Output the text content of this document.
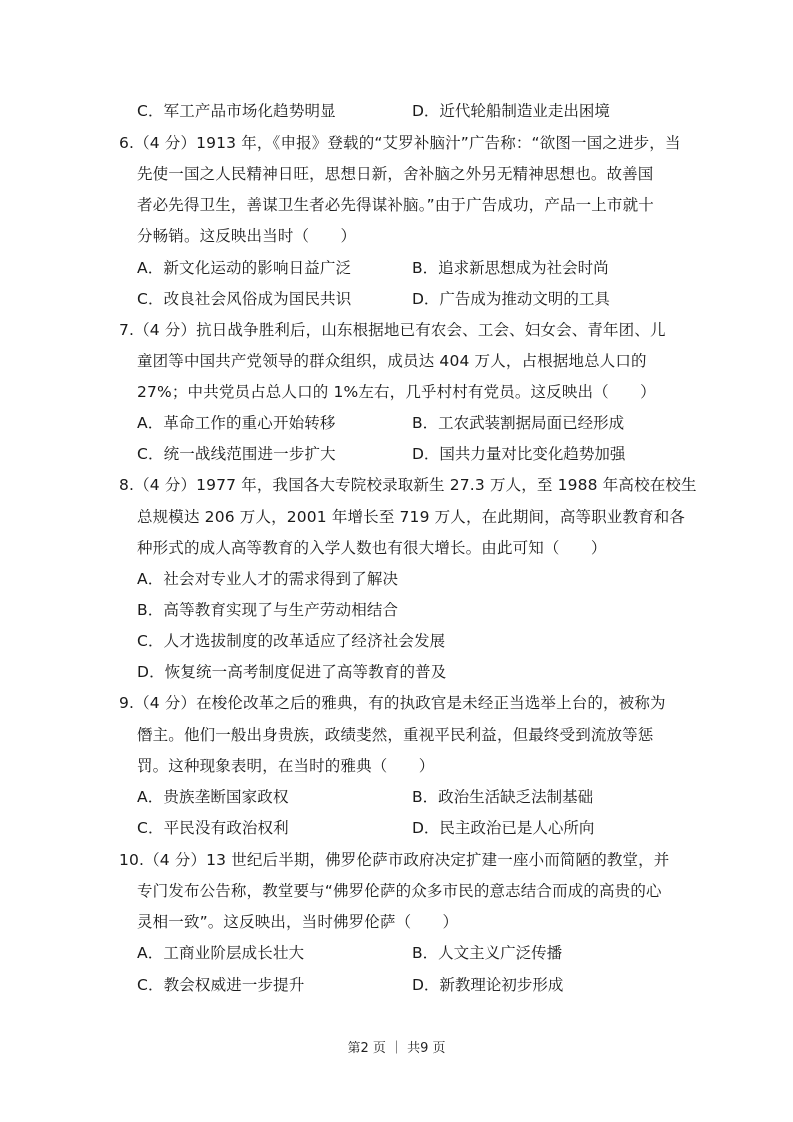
C．军工产品市场化趋势明显	D．近代轮船制造业走出困境
6.（4 分）1913 年，《申报》登载的“艾罗补脑汁”广告称：“欲图一国之进步，当
先使一国之人民精神日旺，思想日新，舍补脑之外另无精神思想也。故善国
者必先得卫生，善谋卫生者必先得谋补脑。”由于广告成功，产品一上市就十
分畅销。这反映出当时（　　）
A．新文化运动的影响日益广泛	B．追求新思想成为社会时尚
C．改良社会风俗成为国民共识	D．广告成为推动文明的工具
7.（4 分）抗日战争胜利后，山东根据地已有农会、工会、妇女会、青年团、儿
童团等中国共产党领导的群众组织，成员达 404 万人，占根据地总人口的
27%；中共党员占总人口的 1%左右，几乎村村有党员。这反映出（　　）
A．革命工作的重心开始转移	B．工农武装割据局面已经形成
C．统一战线范围进一步扩大	D．国共力量对比变化趋势加强
8.（4 分）1977 年，我国各大专院校录取新生 27.3 万人，至 1988 年高校在校生
总规模达 206 万人，2001 年增长至 719 万人，在此期间，高等职业教育和各
种形式的成人高等教育的入学人数也有很大增长。由此可知（　　）
A．社会对专业人才的需求得到了解决
B．高等教育实现了与生产劳动相结合
C．人才选拔制度的改革适应了经济社会发展
D．恢复统一高考制度促进了高等教育的普及
9.（4 分）在梭伦改革之后的雅典，有的执政官是未经正当选举上台的，被称为
僭主。他们一般出身贵族，政绩斐然，重视平民利益，但最终受到流放等惩
罚。这种现象表明，在当时的雅典（　　）
A．贵族垄断国家政权	B．政治生活缺乏法制基础
C．平民没有政治权利	D．民主政治已是人心所向
10.（4 分）13 世纪后半期，佛罗伦萨市政府决定扩建一座小而简陋的教堂，并
专门发布公告称，教堂要与“佛罗伦萨的众多市民的意志结合而成的高贵的心
灵相一致”。这反映出，当时佛罗伦萨（　　）
A．工商业阶层成长壮大	B．人文主义广泛传播
C．教会权威进一步提升	D．新教理论初步形成
第2 页 ｜ 共9 页
